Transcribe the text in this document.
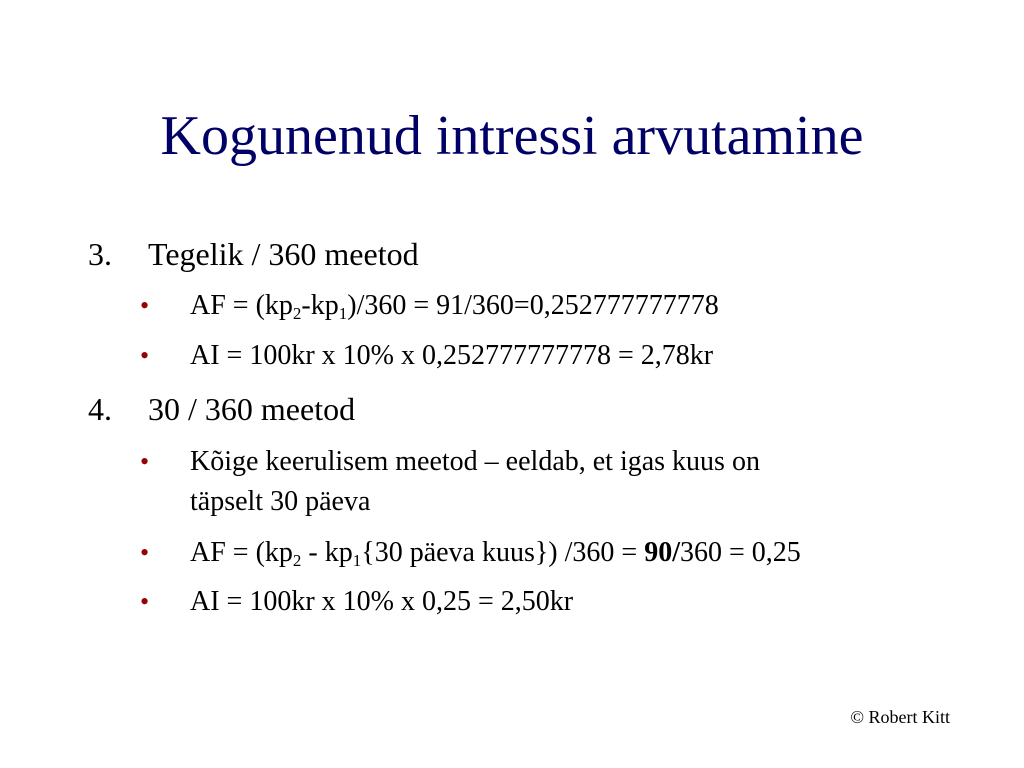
Kogunenud intressi arvutamine
3. Tegelik / 360 meetod
• AF = $(kp_2-kp_1)/360 = 91/360=0,252777777778$
• AI = 100kr x 10% x 0,252777777778 = 2,78kr
4. 30 / 360 meetod
• Kõige keerulisem meetod – eeldab, et igas kuus on
täpselt 30 päeva
• AF = ($kp_2 - kp_1\{30$ päeva kuus}) /360 = 90/360 = 0,25
• AI = 100kr x 10% x 0,25 = 2,50kr
© Robert Kitt
